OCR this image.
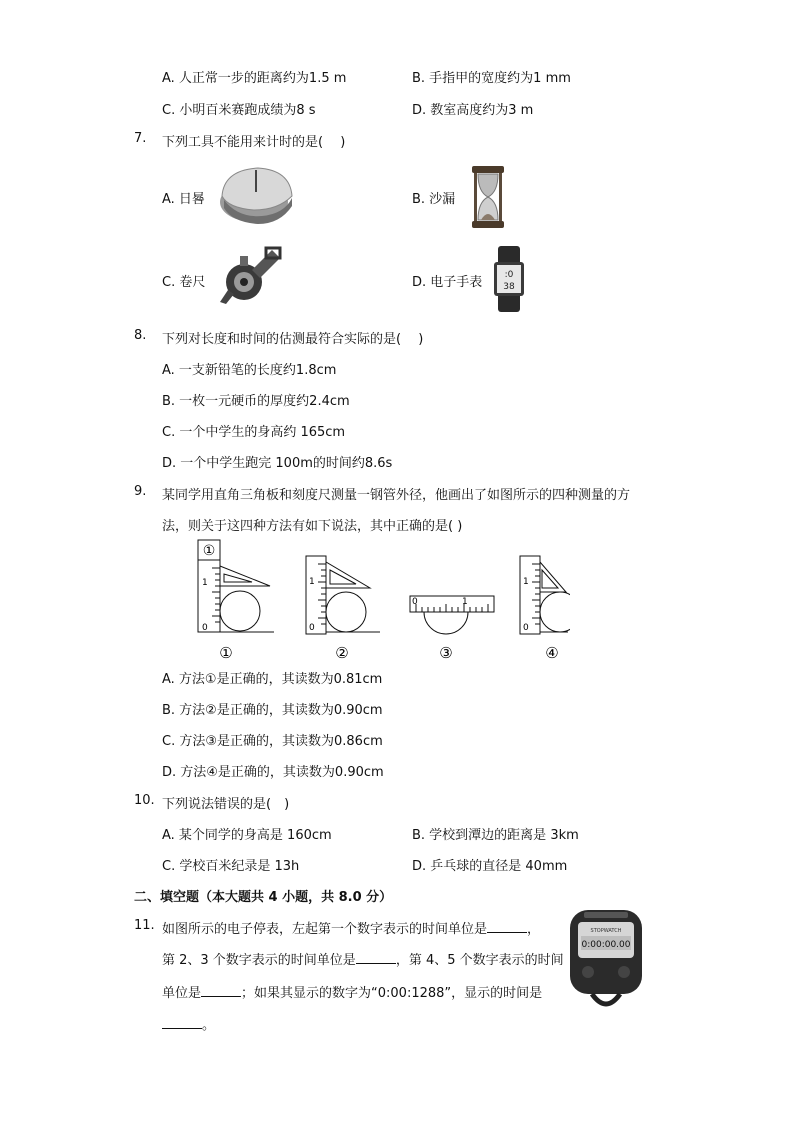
A. 人正常一步的距离约为1.5 m	B. 手指甲的宽度约为1 mm
C. 小明百米赛跑成绩为8 s	D. 教室高度约为3 m
7. 下列工具不能用来计时的是(　 )
A. 日晷	B. 沙漏
C. 卷尺	D. 电子手表 :0
38
8. 下列对长度和时间的估测最符合实际的是(　 )
A. 一支新铅笔的长度约1.8cm
B. 一枚一元硬币的厚度约2.4cm
C. 一个中学生的身高约 165cm
D. 一个中学生跑完 100m的时间约8.6s
9. 某同学用直角三角板和刻度尺测量一钢管外径，他画出了如图所示的四种测量的方
法，则关于这四种方法有如下说法，其中正确的是( )
①
1
0
①
1
0
②
0	1
③
1
0
④
A. 方法①是正确的，其读数为0.81cm
B. 方法②是正确的，其读数为0.90cm
C. 方法③是正确的，其读数为0.86cm
D. 方法④是正确的，其读数为0.90cm
10. 下列说法错误的是(　)
A. 某个同学的身高是 160cm	B. 学校到潭边的距离是 3km
C. 学校百米纪录是 13h	D. 乒乓球的直径是 40mm
二、填空题（本大题共 4 小题，共 8.0 分）
11. 如图所示的电子停表，左起第一个数字表示的时间单位是	，
第 2、3 个数字表示的时间单位是	，第 4、5 个数字表示的时间
单位是	；如果其显示的数字为“0:00:1288”，显示的时间是
。
STOPWATCH
0:00:00.00
